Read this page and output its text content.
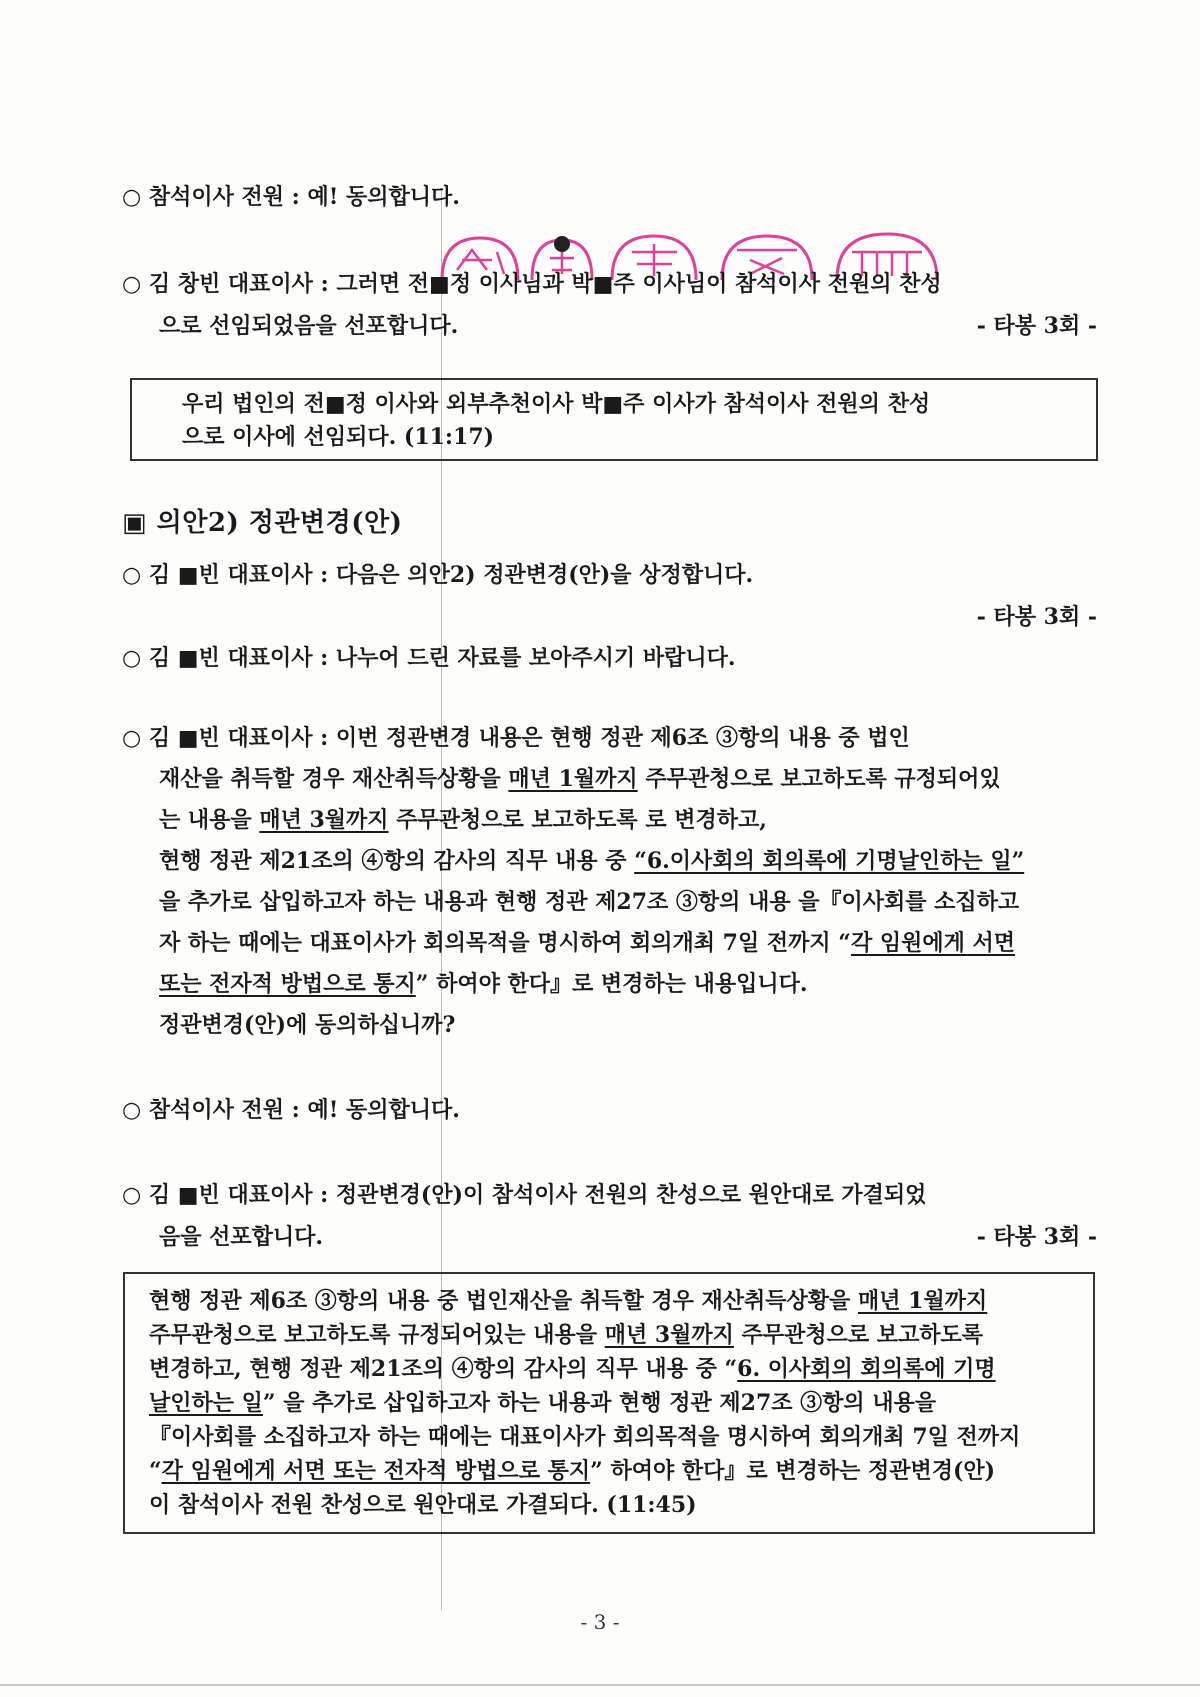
○ 참석이사 전원 : 예! 동의합니다.
○ 김 창빈 대표이사 : 그러면 전■정 이사님과 박■주 이사님이 참석이사 전원의 찬성
으로 선임되었음을 선포합니다.	- 타봉 3회 -
우리 법인의 전■정 이사와 외부추천이사 박■주 이사가 참석이사 전원의 찬성
으로 이사에 선임되다. (11:17)
▣ 의안2) 정관변경(안)
○ 김 ■빈 대표이사 : 다음은 의안2) 정관변경(안)을 상정합니다.
- 타봉 3회 -
○ 김 ■빈 대표이사 : 나누어 드린 자료를 보아주시기 바랍니다.
○ 김 ■빈 대표이사 : 이번 정관변경 내용은 현행 정관 제6조 ③항의 내용 중 법인
재산을 취득할 경우 재산취득상황을 매년 1월까지 주무관청으로 보고하도록 규정되어있
는 내용을 매년 3월까지 주무관청으로 보고하도록 로 변경하고,
현행 정관 제21조의 ④항의 감사의 직무 내용 중 “6.이사회의 회의록에 기명날인하는 일”
을 추가로 삽입하고자 하는 내용과 현행 정관 제27조 ③항의 내용 을『이사회를 소집하고
자 하는 때에는 대표이사가 회의목적을 명시하여 회의개최 7일 전까지 “각 임원에게 서면
또는 전자적 방법으로 통지” 하여야 한다』로 변경하는 내용입니다.
정관변경(안)에 동의하십니까?
○ 참석이사 전원 : 예! 동의합니다.
○ 김 ■빈 대표이사 : 정관변경(안)이 참석이사 전원의 찬성으로 원안대로 가결되었
음을 선포합니다.	- 타봉 3회 -
현행 정관 제6조 ③항의 내용 중 법인재산을 취득할 경우 재산취득상황을 매년 1월까지
주무관청으로 보고하도록 규정되어있는 내용을 매년 3월까지 주무관청으로 보고하도록
변경하고, 현행 정관 제21조의 ④항의 감사의 직무 내용 중 “6. 이사회의 회의록에 기명
날인하는 일” 을 추가로 삽입하고자 하는 내용과 현행 정관 제27조 ③항의 내용을
『이사회를 소집하고자 하는 때에는 대표이사가 회의목적을 명시하여 회의개최 7일 전까지
“각 임원에게 서면 또는 전자적 방법으로 통지” 하여야 한다』로 변경하는 정관변경(안)
이 참석이사 전원 찬성으로 원안대로 가결되다. (11:45)
- 3 -
